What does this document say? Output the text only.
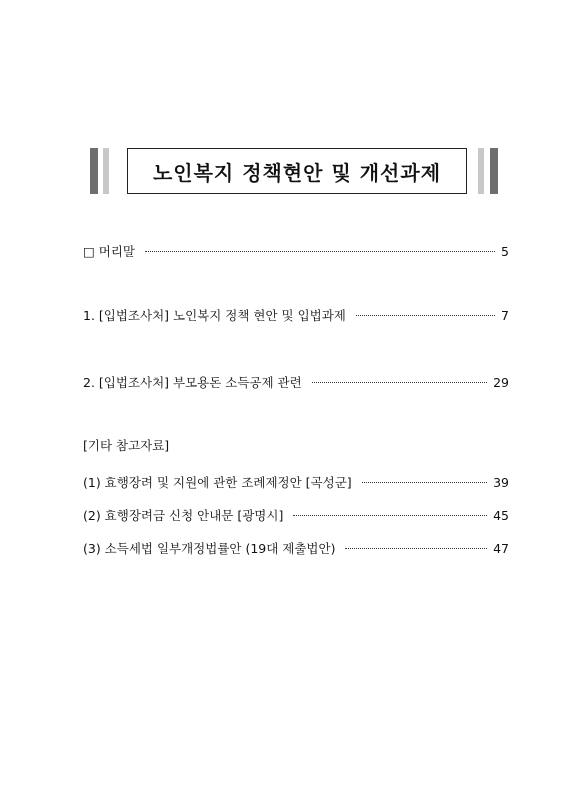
노인복지 정책현안 및 개선과제
□ 머리말	5
1. [입법조사처] 노인복지 정책 현안 및 입법과제	7
2. [입법조사처] 부모용돈 소득공제 관련	29
[기타 참고자료]
(1) 효행장려 및 지원에 관한 조례제정안 [곡성군]	39
(2) 효행장려금 신청 안내문 [광명시]	45
(3) 소득세법 일부개정법률안 (19대 제출법안)	47
